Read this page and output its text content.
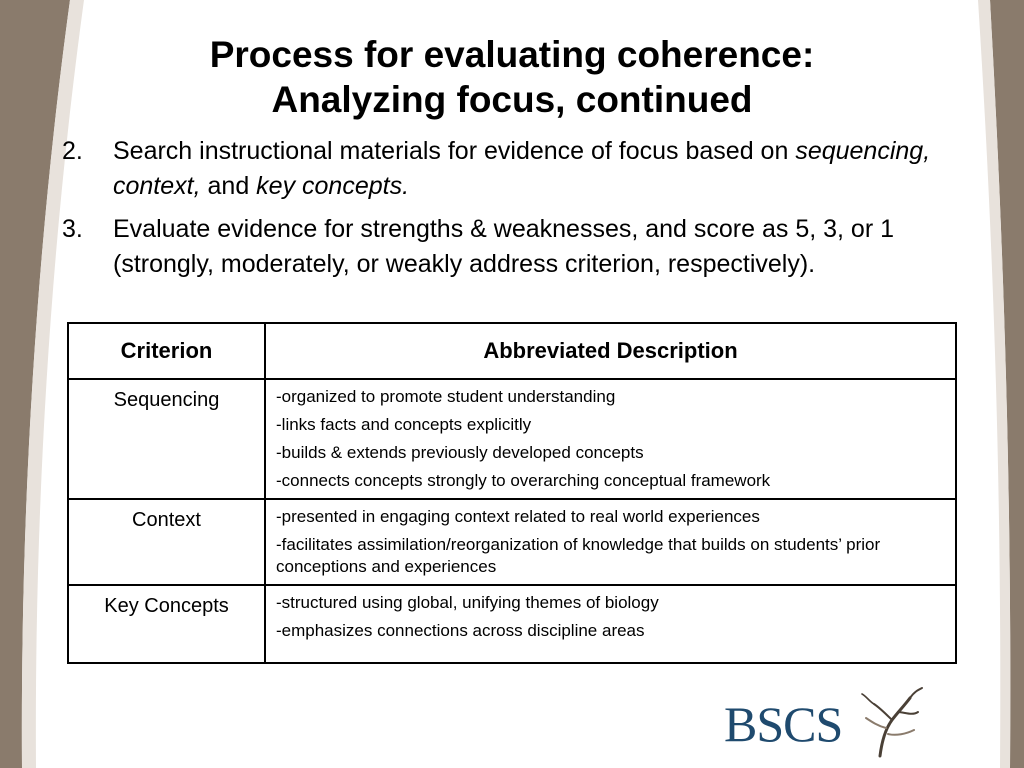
Process for evaluating coherence:
Analyzing focus, continued
2.	Search instructional materials for evidence of focus based on sequencing, context, and key concepts.
3.	Evaluate evidence for strengths & weaknesses, and score as 5, 3, or 1 (strongly, moderately, or weakly address criterion, respectively).
Criterion	Abbreviated Description
Sequencing	-organized to promote student understanding
-links facts and concepts explicitly
-builds & extends previously developed concepts
-connects concepts strongly to overarching conceptual framework

Context	-presented in engaging context related to real world experiences
-facilitates assimilation/reorganization of knowledge that builds on students’ prior conceptions and experiences

Key Concepts	-structured using global, unifying themes of biology
-emphasizes connections across discipline areas
BSCS
